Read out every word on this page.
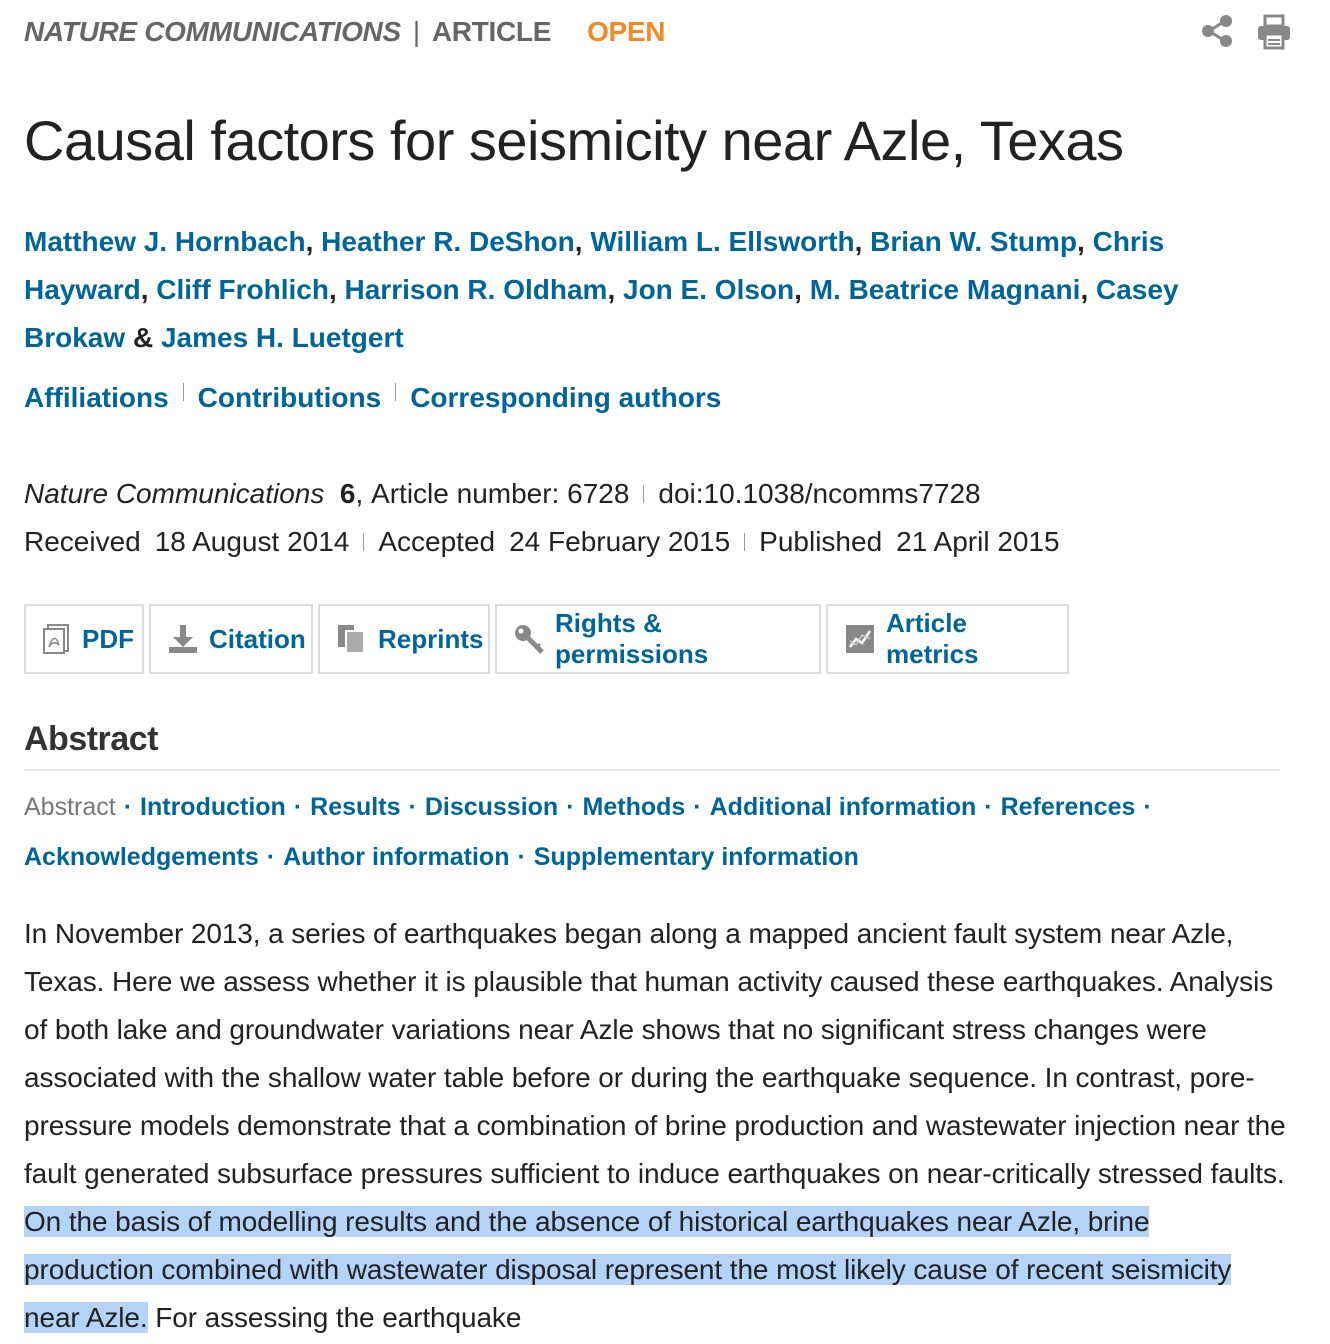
NATURE COMMUNICATIONS | ARTICLE OPEN
Causal factors for seismicity near Azle, Texas
Matthew J. Hornbach, Heather R. DeShon, William L. Ellsworth, Brian W. Stump, Chris Hayward, Cliff Frohlich, Harrison R. Oldham, Jon E. Olson, M. Beatrice Magnani, Casey Brokaw & James H. Luetgert
Affiliations Contributions Corresponding authors
Nature Communications
6 , Article number: 6728 doi:10.1038/ncomms7728
Received 18 August 2014 Accepted 24 February 2015 Published 21 April 2015
PDF	Citation	Reprints
Rights & permissions
Article metrics
Abstract
Abstract · Introduction · Results · Discussion · Methods · Additional information · References ·
Acknowledgements · Author information · Supplementary information

In November 2013, a series of earthquakes began along a mapped ancient fault system near Azle, Texas. Here we assess whether it is plausible that human activity caused these earthquakes. Analysis of both lake and groundwater variations near Azle shows that no significant stress changes were associated with the shallow water table before or during the earthquake sequence. In contrast, pore-pressure models demonstrate that a combination of brine production and wastewater injection near the fault generated subsurface pressures sufficient to induce earthquakes on near-critically stressed faults. On the basis of modelling results and the absence of historical earthquakes near Azle, brine production combined with wastewater disposal represent the most likely cause of recent seismicity near Azle. For assessing the earthquake
